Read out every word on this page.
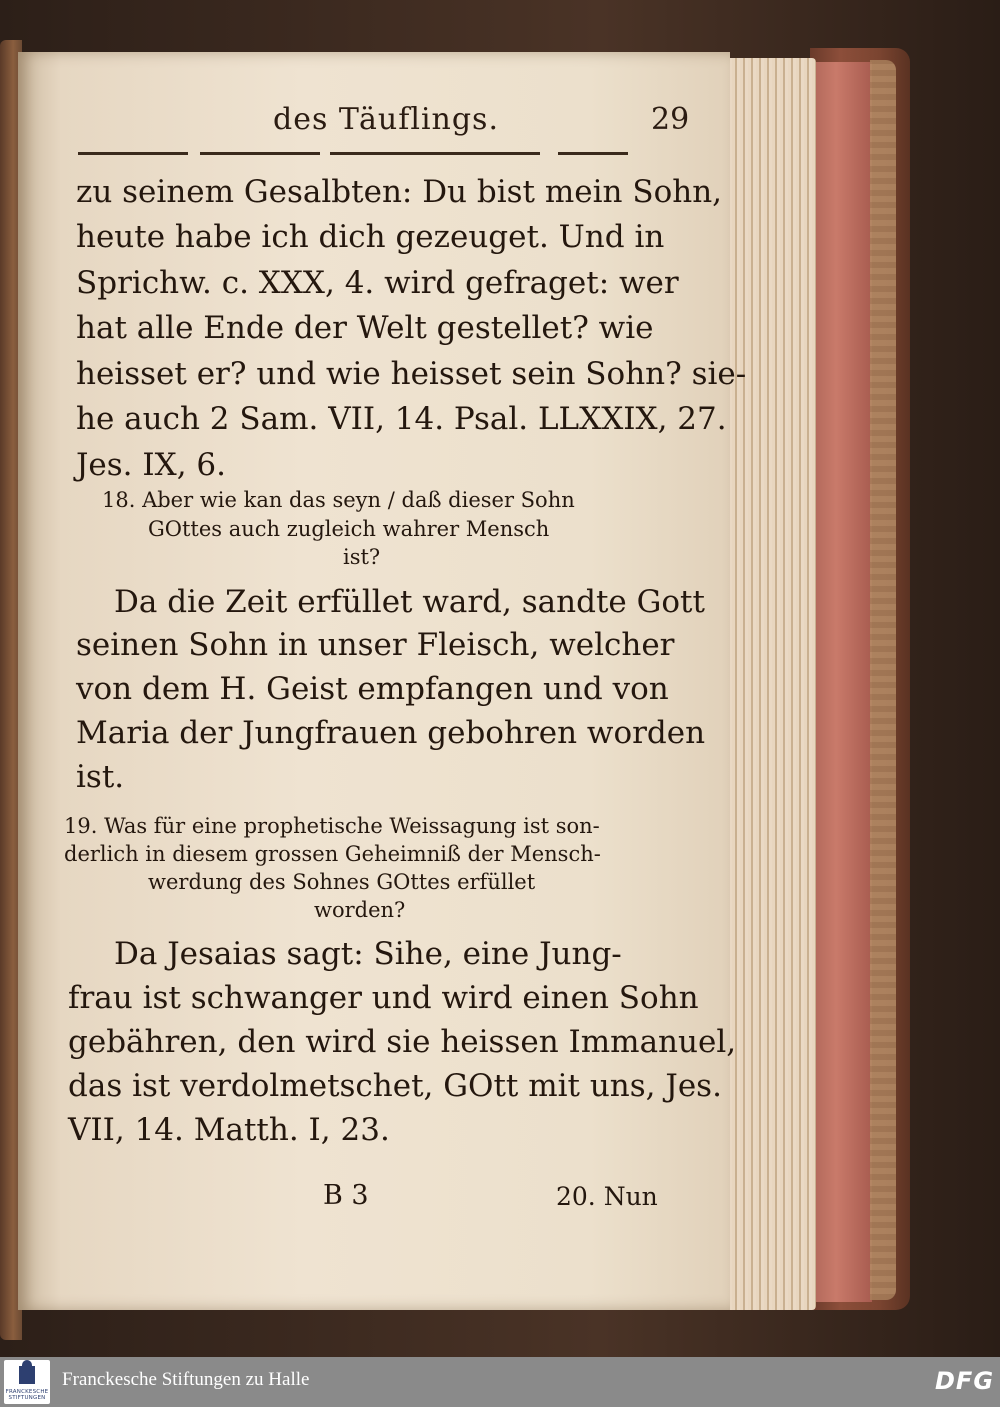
des Täuflings.	29
zu seinem Gesalbten: Du bist mein Sohn,
heute habe ich dich gezeuget. Und in
Sprichw. c. XXX, 4. wird gefraget: wer
hat alle Ende der Welt gestellet? wie
heisset er? und wie heisset sein Sohn? sie-
he auch 2 Sam. VII, 14. Psal. LLXXIX, 27.
Jes. IX, 6.
18. Aber wie kan das seyn / daß dieser Sohn
GOttes auch zugleich wahrer Mensch
ist?
Da die Zeit erfüllet ward, sandte Gott
seinen Sohn in unser Fleisch, welcher
von dem H. Geist empfangen und von
Maria der Jungfrauen gebohren worden
ist.
19. Was für eine prophetische Weissagung ist son-
derlich in diesem grossen Geheimniß der Mensch-
werdung des Sohnes GOttes erfüllet
worden?
Da Jesaias sagt: Sihe, eine Jung-
frau ist schwanger und wird einen Sohn
gebähren, den wird sie heissen Immanuel,
das ist verdolmetschet, GOtt mit uns, Jes.
VII, 14. Matth. I, 23.
B 3	20. Nun
FRANCKESCHE
STIFTUNGEN
Franckesche Stiftungen zu Halle	DFG
